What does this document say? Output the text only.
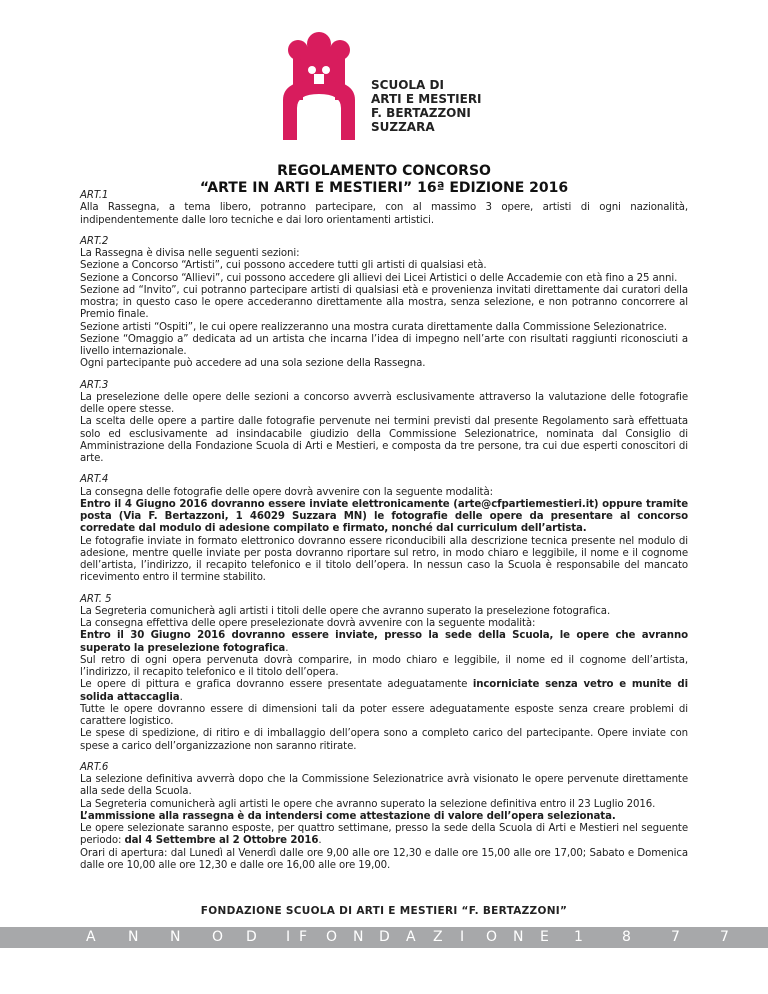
SCUOLA DI
ARTI E MESTIERI
F. BERTAZZONI
SUZZARA
REGOLAMENTO CONCORSO
“ARTE IN ARTI E MESTIERI” 16ª EDIZIONE 2016
ART.1

Alla Rassegna, a tema libero, potranno partecipare, con al massimo 3 opere, artisti di ogni nazionalità, indipendentemente dalle loro tecniche e dai loro orientamenti artistici.

ART.2

La Rassegna è divisa nelle seguenti sezioni:

Sezione a Concorso “Artisti”, cui possono accedere tutti gli artisti di qualsiasi età.

Sezione a Concorso “Allievi”, cui possono accedere gli allievi dei Licei Artistici o delle Accademie con età fino a 25 anni.

Sezione ad “Invito”, cui potranno partecipare artisti di qualsiasi età e provenienza invitati direttamente dai curatori della mostra; in questo caso le opere accederanno direttamente alla mostra, senza selezione, e non potranno concorrere al Premio finale.

Sezione artisti “Ospiti”, le cui opere realizzeranno una mostra curata direttamente dalla Commissione Selezionatrice.

Sezione “Omaggio a” dedicata ad un artista che incarna l’idea di impegno nell’arte con risultati raggiunti riconosciuti a livello internazionale.

Ogni partecipante può accedere ad una sola sezione della Rassegna.

ART.3

La preselezione delle opere delle sezioni a concorso avverrà esclusivamente attraverso la valutazione delle fotografie delle opere stesse.

La scelta delle opere a partire dalle fotografie pervenute nei termini previsti dal presente Regolamento sarà effettuata solo ed esclusivamente ad insindacabile giudizio della Commissione Selezionatrice, nominata dal Consiglio di Amministrazione della Fondazione Scuola di Arti e Mestieri, e composta da tre persone, tra cui due esperti conoscitori di arte.

ART.4

La consegna delle fotografie delle opere dovrà avvenire con la seguente modalità:

Entro il 4 Giugno 2016 dovranno essere inviate elettronicamente (arte@cfpartiemestieri.it) oppure tramite posta (Via F. Bertazzoni, 1 46029 Suzzara MN) le fotografie delle opere da presentare al concorso corredate dal modulo di adesione compilato e firmato, nonché dal curriculum dell’artista.

Le fotografie inviate in formato elettronico dovranno essere riconducibili alla descrizione tecnica presente nel modulo di adesione, mentre quelle inviate per posta dovranno riportare sul retro, in modo chiaro e leggibile, il nome e il cognome dell’artista, l’indirizzo, il recapito telefonico e il titolo dell’opera. In nessun caso la Scuola è responsabile del mancato ricevimento entro il termine stabilito.

ART. 5

La Segreteria comunicherà agli artisti i titoli delle opere che avranno superato la preselezione fotografica.

La consegna effettiva delle opere preselezionate dovrà avvenire con la seguente modalità:

Entro il 30 Giugno 2016 dovranno essere inviate, presso la sede della Scuola, le opere che avranno superato la preselezione fotografica.

Sul retro di ogni opera pervenuta dovrà comparire, in modo chiaro e leggibile, il nome ed il cognome dell’artista, l’indirizzo, il recapito telefonico e il titolo dell’opera.

Le opere di pittura e grafica dovranno essere presentate adeguatamente incorniciate senza vetro e munite di solida attaccaglia.

Tutte le opere dovranno essere di dimensioni tali da poter essere adeguatamente esposte senza creare problemi di carattere logistico.

Le spese di spedizione, di ritiro e di imballaggio dell’opera sono a completo carico del partecipante. Opere inviate con spese a carico dell’organizzazione non saranno ritirate.

ART.6

La selezione definitiva avverrà dopo che la Commissione Selezionatrice avrà visionato le opere pervenute direttamente alla sede della Scuola.

La Segreteria comunicherà agli artisti le opere che avranno superato la selezione definitiva entro il 23 Luglio 2016.

L’ammissione alla rassegna è da intendersi come attestazione di valore dell’opera selezionata.

Le opere selezionate saranno esposte, per quattro settimane, presso la sede della Scuola di Arti e Mestieri nel seguente periodo: dal 4 Settembre al 2 Ottobre 2016.

Orari di apertura: dal Lunedì al Venerdì dalle ore 9,00 alle ore 12,30 e dalle ore 15,00 alle ore 17,00; Sabato e Domenica dalle ore 10,00 alle ore 12,30 e dalle ore 16,00 alle ore 19,00.

FONDAZIONE SCUOLA DI ARTI E MESTIERI “F. BERTAZZONI”
A N N O D I F O N D A Z I O N E 1	8	7	7
